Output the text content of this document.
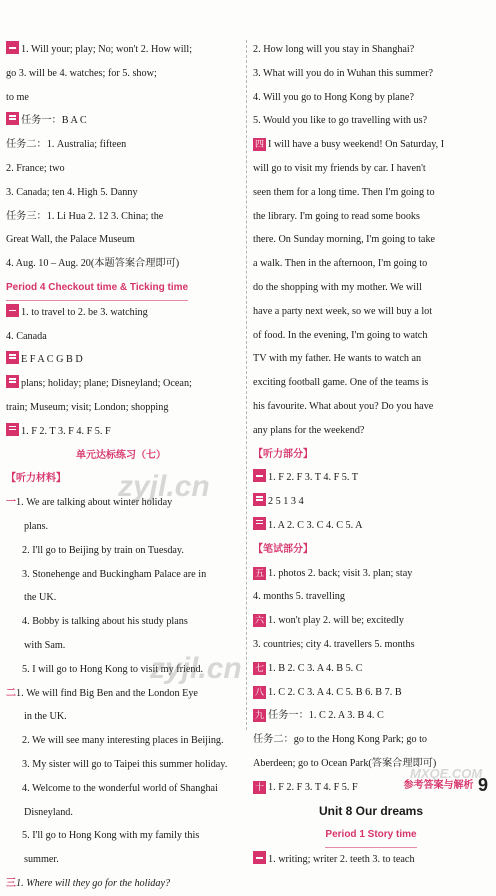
1. Will your; play; No; won't 2. How will;
go 3. will be 4. watches; for 5. show;
to me
任务一：B A C
任务二：1. Australia; fifteen
2. France; two
3. Canada; ten 4. High 5. Danny
任务三：1. Li Hua 2. 12 3. China; the
Great Wall, the Palace Museum
4. Aug. 10 – Aug. 20(本题答案合理即可)
Period 4 Checkout time & Ticking time
1. to travel to 2. be 3. watching
4. Canada
E F A C G B D
plans; holiday; plane; Disneyland; Ocean;
train; Museum; visit; London; shopping
1. F 2. T 3. F 4. F 5. F
单元达标练习（七）
【听力材料】
一1. We are talking about winter holiday
plans.
2. I'll go to Beijing by train on Tuesday.
3. Stonehenge and Buckingham Palace are in
the UK.
4. Bobby is talking about his study plans
with Sam.
5. I will go to Hong Kong to visit my friend.
二1. We will find Big Ben and the London Eye
in the UK.
2. We will see many interesting places in Beijing.
3. My sister will go to Taipei this summer holiday.
4. Welcome to the wonderful world of Shanghai
Disneyland.
5. I'll go to Hong Kong with my family this
summer.
三1. Where will they go for the holiday?
2. How long will you stay in Shanghai?
3. What will you do in Wuhan this summer?
4. Will you go to Hong Kong by plane?
5. Would you like to go travelling with us?
四 I will have a busy weekend! On Saturday, I
will go to visit my friends by car. I haven't
seen them for a long time. Then I'm going to
the library. I'm going to read some books
there. On Sunday morning, I'm going to take
a walk. Then in the afternoon, I'm going to
do the shopping with my mother. We will
have a party next week, so we will buy a lot
of food. In the evening, I'm going to watch
TV with my father. He wants to watch an
exciting football game. One of the teams is
his favourite. What about you? Do you have
any plans for the weekend?
【听力部分】
1. F 2. F 3. T 4. F 5. T
2 5 1 3 4
1. A 2. C 3. C 4. C 5. A
【笔试部分】
五 1. photos 2. back; visit 3. plan; stay
4. months 5. travelling
六 1. won't play 2. will be; excitedly
3. countries; city 4. travellers 5. months
七 1. B 2. C 3. A 4. B 5. C
八 1. C 2. C 3. A 4. C 5. B 6. B 7. B
九 任务一：1. C 2. A 3. B 4. C
任务二：go to the Hong Kong Park; go to
Aberdeen; go to Ocean Park(答案合理即可)
十 1. F 2. F 3. T 4. F 5. F
Unit 8 Our dreams
Period 1 Story time
1. writing; writer 2. teeth 3. to teach
zyjl.cn
zyjl.cn
MXQE.COM
参考答案与解析 9
